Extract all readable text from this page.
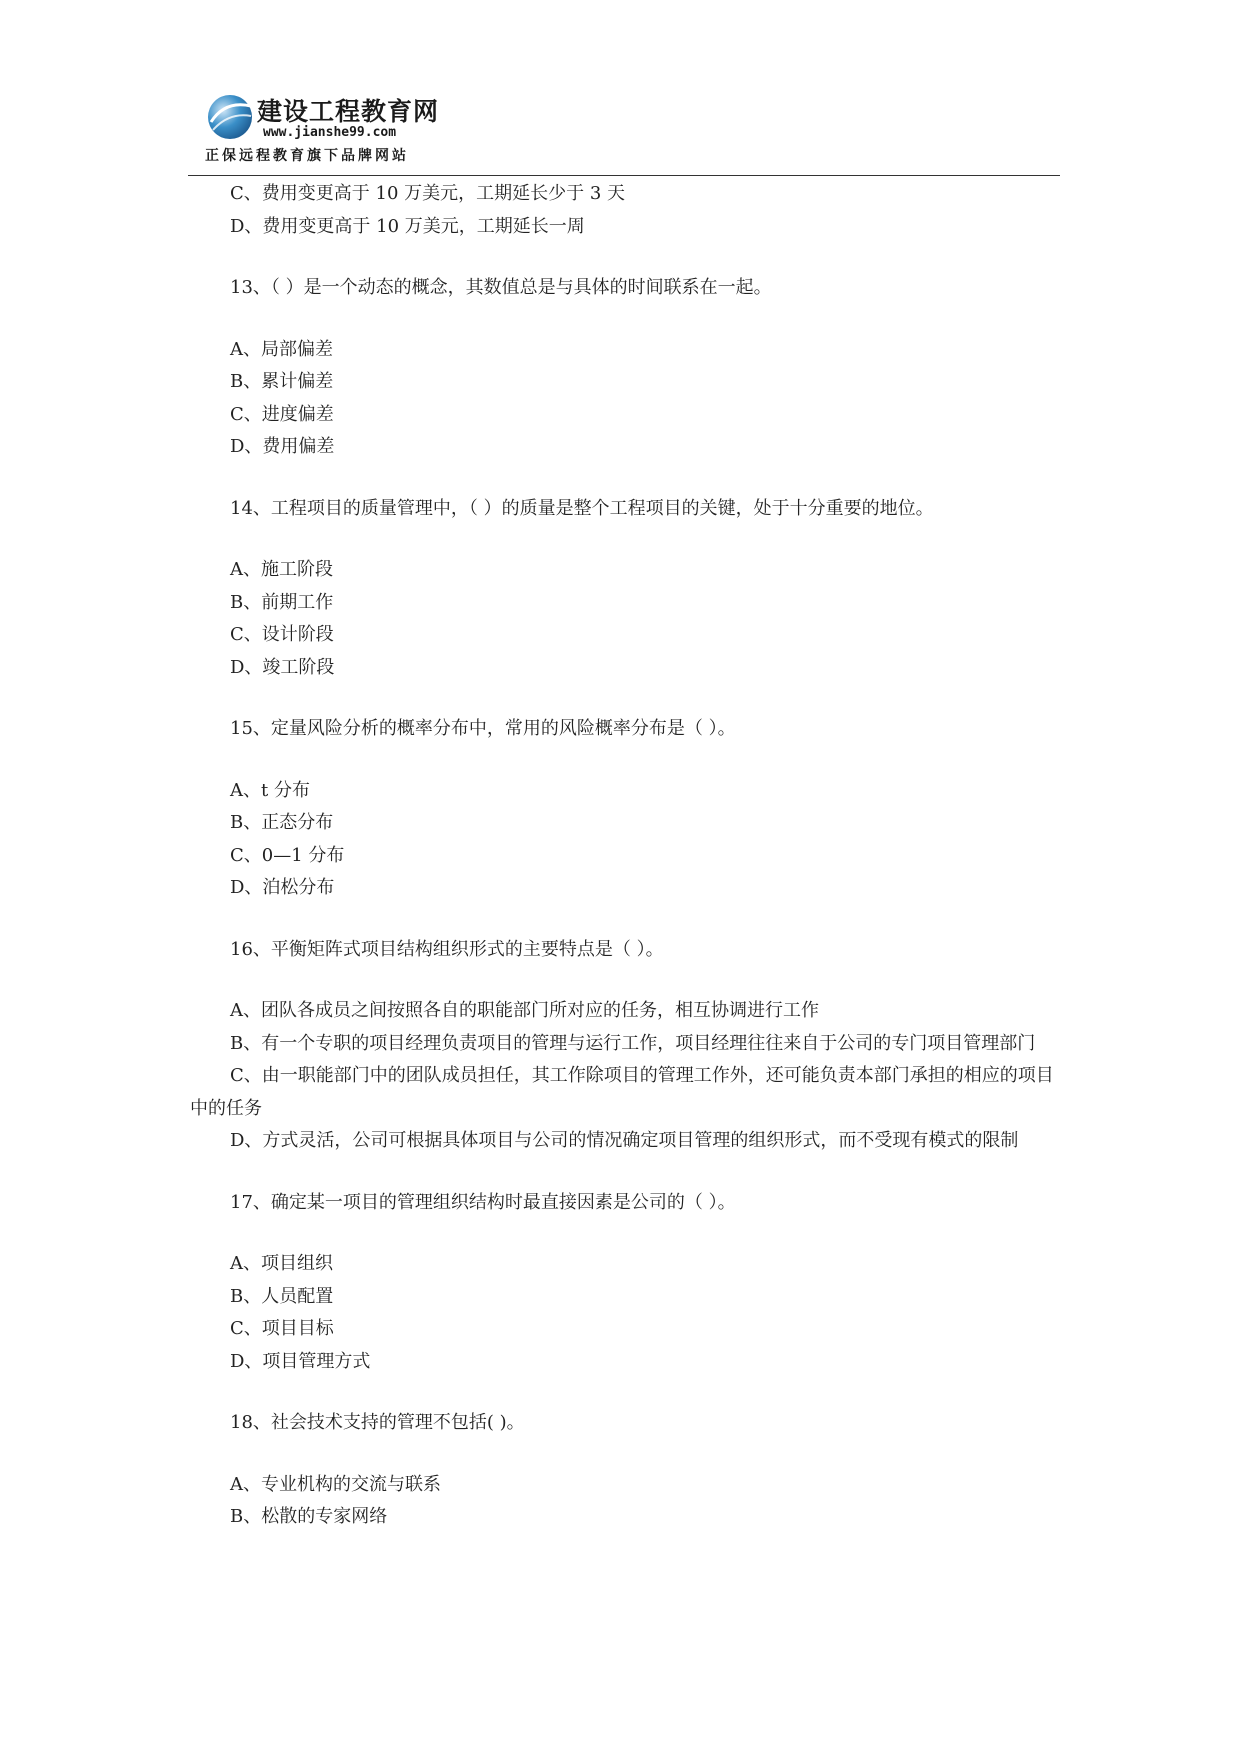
建设工程教育网
www.jianshe99.com
正保远程教育旗下品牌网站

C、费用变更高于 10 万美元，工期延长少于 3 天

D、费用变更高于 10 万美元，工期延长一周

13、（ ）是一个动态的概念，其数值总是与具体的时间联系在一起。

A、局部偏差

B、累计偏差

C、进度偏差

D、费用偏差

14、工程项目的质量管理中，（ ）的质量是整个工程项目的关键，处于十分重要的地位。

A、施工阶段

B、前期工作

C、设计阶段

D、竣工阶段

15、定量风险分析的概率分布中，常用的风险概率分布是（ ）。

A、t 分布

B、正态分布

C、0—1 分布

D、泊松分布

16、平衡矩阵式项目结构组织形式的主要特点是（ ）。

A、团队各成员之间按照各自的职能部门所对应的任务，相互协调进行工作

B、有一个专职的项目经理负责项目的管理与运行工作，项目经理往往来自于公司的专门项目管理部门

C、由一职能部门中的团队成员担任，其工作除项目的管理工作外，还可能负责本部门承担的相应的项目中的任务

D、方式灵活，公司可根据具体项目与公司的情况确定项目管理的组织形式，而不受现有模式的限制

17、确定某一项目的管理组织结构时最直接因素是公司的（ ）。

A、项目组织

B、人员配置

C、项目目标

D、项目管理方式

18、社会技术支持的管理不包括( )。

A、专业机构的交流与联系

B、松散的专家网络
